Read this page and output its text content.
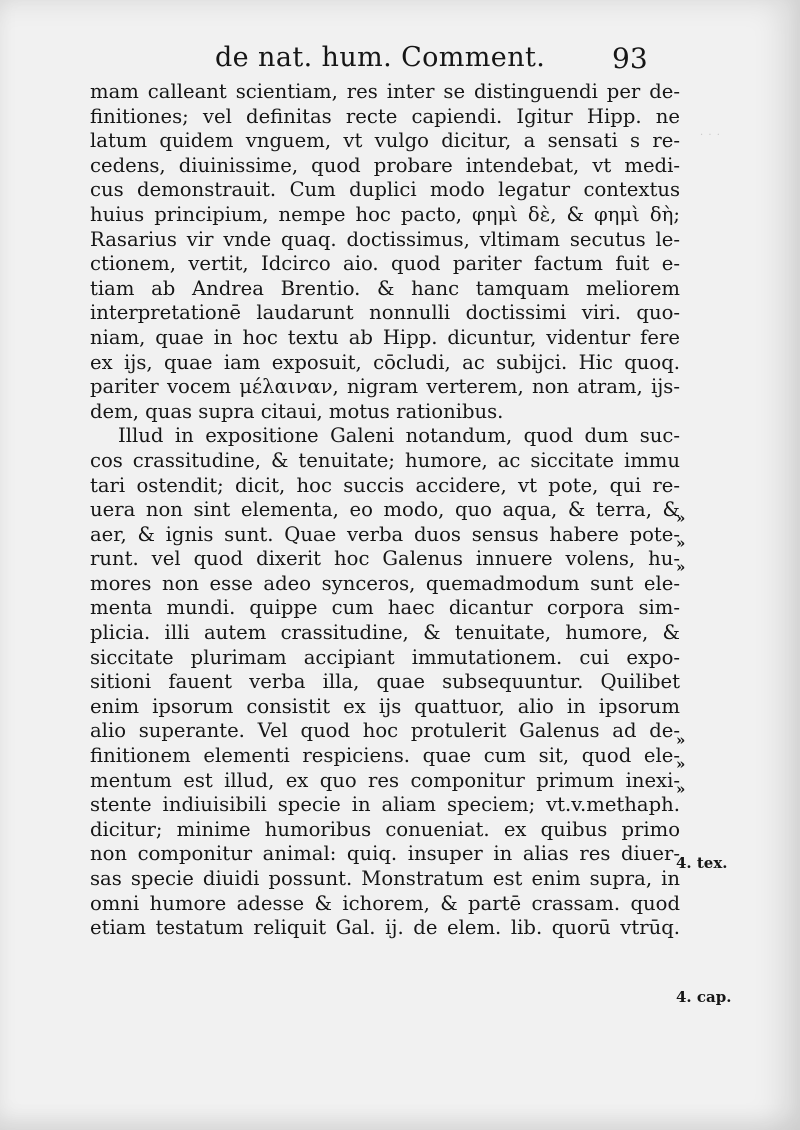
· · ·
de nat. hum. Comment. 93
mam calleant scientiam, res inter se distinguendi per de-
finitiones; vel definitas recte capiendi. Igitur Hipp. ne
latum quidem vnguem, vt vulgo dicitur, a sensati s re-
cedens, diuinissime, quod probare intendebat, vt medi-
cus demonstrauit. Cum duplici modo legatur contextus
huius principium, nempe hoc pacto, φημὶ δὲ, & φημὶ δὴ;
Rasarius vir vnde quaq. doctissimus, vltimam secutus le-
ctionem, vertit, Idcirco aio. quod pariter factum fuit e-
tiam ab Andrea Brentio. & hanc tamquam meliorem
interpretationē laudarunt nonnulli doctissimi viri. quo-
niam, quae in hoc textu ab Hipp. dicuntur, videntur fere
ex ijs, quae iam exposuit, cōcludi, ac subijci. Hic quoq.
pariter vocem μέλαιναν, nigram verterem, non atram, ijs-
dem, quas supra citaui, motus rationibus.
Illud in expositione Galeni notandum, quod dum suc-
cos crassitudine, & tenuitate; humore, ac siccitate immu
tari ostendit; dicit, hoc succis accidere, vt pote, qui re-
uera non sint elementa, eo modo, quo aqua, & terra, &
aer, & ignis sunt. Quae verba duos sensus habere pote-
runt. vel quod dixerit hoc Galenus innuere volens, hu-
mores non esse adeo synceros, quemadmodum sunt ele-
menta mundi. quippe cum haec dicantur corpora sim-
plicia. illi autem crassitudine, & tenuitate, humore, &
siccitate plurimam accipiant immutationem. cui expo-
sitioni fauent verba illa, quae subsequuntur. Quilibet
enim ipsorum consistit ex ijs quattuor, alio in ipsorum
alio superante. Vel quod hoc protulerit Galenus ad de-
finitionem elementi respiciens. quae cum sit, quod ele-
mentum est illud, ex quo res componitur primum inexi-
stente indiuisibili specie in aliam speciem; vt.v.methaph.
dicitur; minime humoribus conueniat. ex quibus primo
non componitur animal: quiq. insuper in alias res diuer-
sas specie diuidi possunt. Monstratum est enim supra, in
omni humore adesse & ichorem, & partē crassam. quod
etiam testatum reliquit Gal. ij. de elem. lib. quorū vtrūq.
»
»
»
»
»
»
4. tex.
4. cap.
